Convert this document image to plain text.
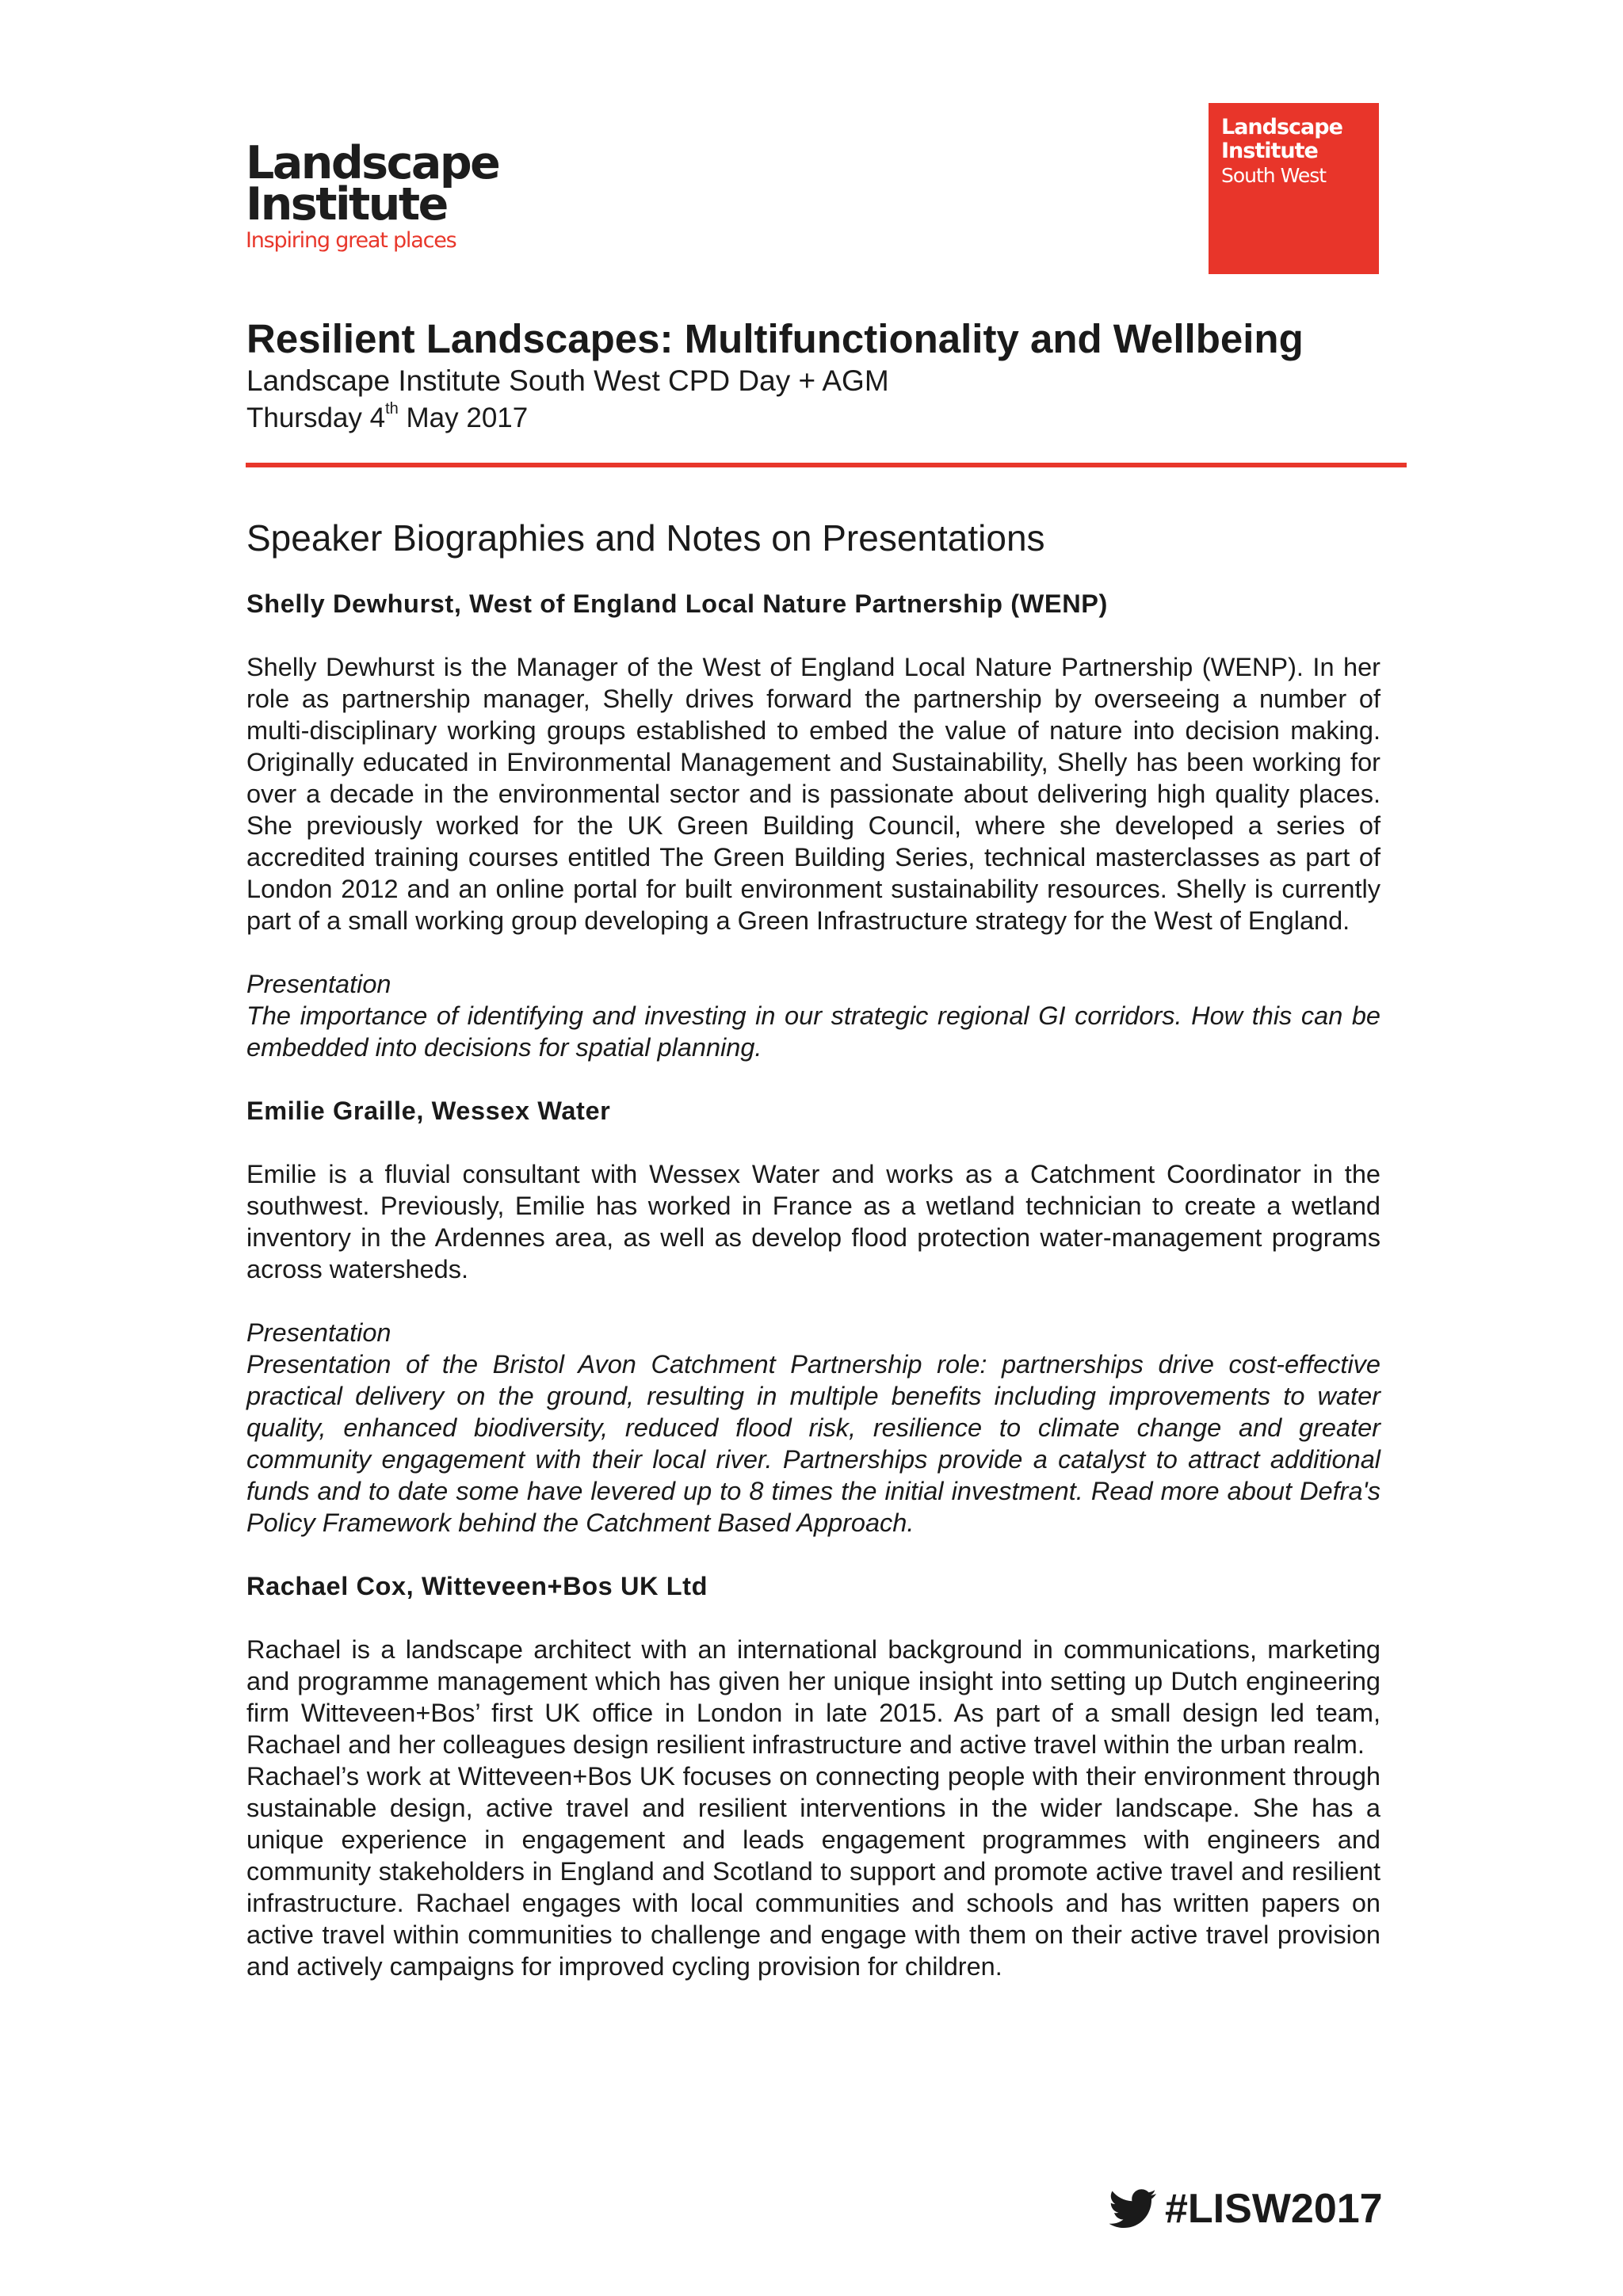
Landscape
Institute
Inspiring great places
Landscape
Institute
South West
Resilient Landscapes: Multifunctionality and Wellbeing
Landscape Institute South West CPD Day + AGM
Thursday 4th May 2017
Speaker Biographies and Notes on Presentations

Shelly Dewhurst, West of England Local Nature Partnership (WENP)

Shelly Dewhurst is the Manager of the West of England Local Nature Partnership (WENP). In her role as partnership manager, Shelly drives forward the partnership by overseeing a number of multi-disciplinary working groups established to embed the value of nature into decision making. Originally educated in Environmental Management and Sustainability, Shelly has been working for over a decade in the environmental sector and is passionate about delivering high quality places. She previously worked for the UK Green Building Council, where she developed a series of accredited training courses entitled The Green Building Series, technical masterclasses as part of London 2012 and an online portal for built environment sustainability resources. Shelly is currently part of a small working group developing a Green Infrastructure strategy for the West of England.

Presentation

The importance of identifying and investing in our strategic regional GI corridors. How this can be embedded into decisions for spatial planning.

Emilie Graille, Wessex Water

Emilie is a fluvial consultant with Wessex Water and works as a Catchment Coordinator in the southwest. Previously, Emilie has worked in France as a wetland technician to create a wetland inventory in the Ardennes area, as well as develop flood protection water-management programs across watersheds.

Presentation

Presentation of the Bristol Avon Catchment Partnership role: partnerships drive cost-effective practical delivery on the ground, resulting in multiple benefits including improvements to water quality, enhanced biodiversity, reduced flood risk, resilience to climate change and greater community engagement with their local river. Partnerships provide a catalyst to attract additional funds and to date some have levered up to 8 times the initial investment. Read more about Defra's Policy Framework behind the Catchment Based Approach.

Rachael Cox, Witteveen+Bos UK Ltd

Rachael is a landscape architect with an international background in communications, marketing and programme management which has given her unique insight into setting up Dutch engineering firm Witteveen+Bos’ first UK office in London in late 2015. As part of a small design led team, Rachael and her colleagues design resilient infrastructure and active travel within the urban realm.

Rachael’s work at Witteveen+Bos UK focuses on connecting people with their environment through sustainable design, active travel and resilient interventions in the wider landscape. She has a unique experience in engagement and leads engagement programmes with engineers and community stakeholders in England and Scotland to support and promote active travel and resilient infrastructure. Rachael engages with local communities and schools and has written papers on active travel within communities to challenge and engage with them on their active travel provision and actively campaigns for improved cycling provision for children.

#LISW2017
